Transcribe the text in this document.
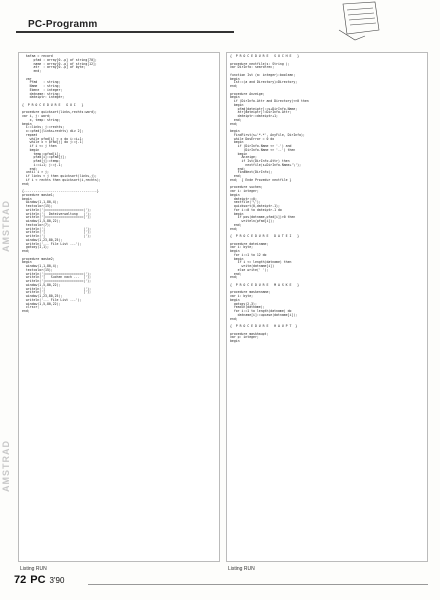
PC-Programm
AMSTRAD
AMSTRAD
kafaa = record
pfad : array[0..p] of string[70];
name : array[0..p] of string[12];
atr  : array[0..p] of byte;
end;

var
Pfad   : string;
Name   : string;
Ebene  : integer;
datname: string;
dateiptr: integer;

{  P R O C E D U R E   G U I   }

procedure quicksort(links,rechts:word);
var i, j: word;
x, temp: string;
begin
i:=links; j:=rechts;
x:=pfad[(links+rechts) div 2];
repeat
while pfad[i] < x do i:=i+1;
while x < pfad[j] do j:=j-1;
if i <= j then
begin
temp:=pfad[i];
pfad[i]:=pfad[j];
pfad[j]:=temp;
i:=i+1; j:=j-1;
end;
until i > j;
if links < j then quicksort(links,j);
if i < rechts then quicksort(i,rechts);
end;

{--------------------------------------}
procedure maske1;
begin
window(1,1,80,4);
textcolor(15);
writeln('|====================|');
writeln('|  Dateiverwaltung   |');
writeln('|====================|');
window(1,5,80,22);
textcolor(7);
writeln('|                    |');
writeln('|                    |');
writeln('|                    |');
window(1,23,80,25);
writeln('--- File List ---');
gotoxy(1,1);
end;

procedure maske2;
begin
window(1,1,80,4);
textcolor(15);
writeln('|====================|');
writeln('|   Suchen nach ...  |');
writeln('|====================|');
window(1,5,80,22);
writeln('|                    |');
writeln('|                    |');
window(1,23,80,25);
writeln('--- File List ---');
window(1,5,80,22);
clrscr;
end;

{  P R O C E D U R E   S U C H E   }

procedure nextfile(s: String );
var DirInfo: searchrec;

function Ist (a: integer):boolean;
begin
Ist:=(a and Directory)=Directory;
end;

procedure Anzeige;
begin
if (DirInfo.Attr and Directory)<>0 then
begin
pfad[dateiptr]:=s+DirInfo.Name;
atr[dateiptr]:=DirInfo.Attr;
dateiptr:=dateiptr+1;
end;
end;

begin
FindFirst(s+'*.*', AnyFile, DirInfo);
while DosError = 0 do
begin
if (DirInfo.Name <> '.') and
(DirInfo.Name <> '..') then
begin
Anzeige;
if Ist(DirInfo.Attr) then
nextfile(s+DirInfo.Name+'\');
end;
FindNext(DirInfo);
end;
end;  { Ende Prozedur nextfile }

procedure suchen;
var i: integer;
begin
dateiptr:=0;
nextfile('\');
quicksort(0,dateiptr-1);
for i:=0 to dateiptr-1 do
begin
if pos(datname,pfad[i])>0 then
writeln(pfad[i]);
end;
end;

{  P R O C E D U R E   D A T E I   }

procedure dateiname;
var i: byte;
begin
for i:=1 to 12 do
begin
if i <= length(datname) then
write(datname[i])
else write(' ');
end;
end;

{  P R O C E D U R E   M A S K E   }

procedure maskenname;
var i: byte;
begin
gotoxy(2,3);
readln(datname);
for i:=1 to length(datname) do
datname[i]:=upcase(datname[i]);
end;

{  P R O C E D U R E   H A U P T  }

procedure maskhaupt;
var p: integer;
begin

Listing RUN	Listing RUN
72 PC 3'90
